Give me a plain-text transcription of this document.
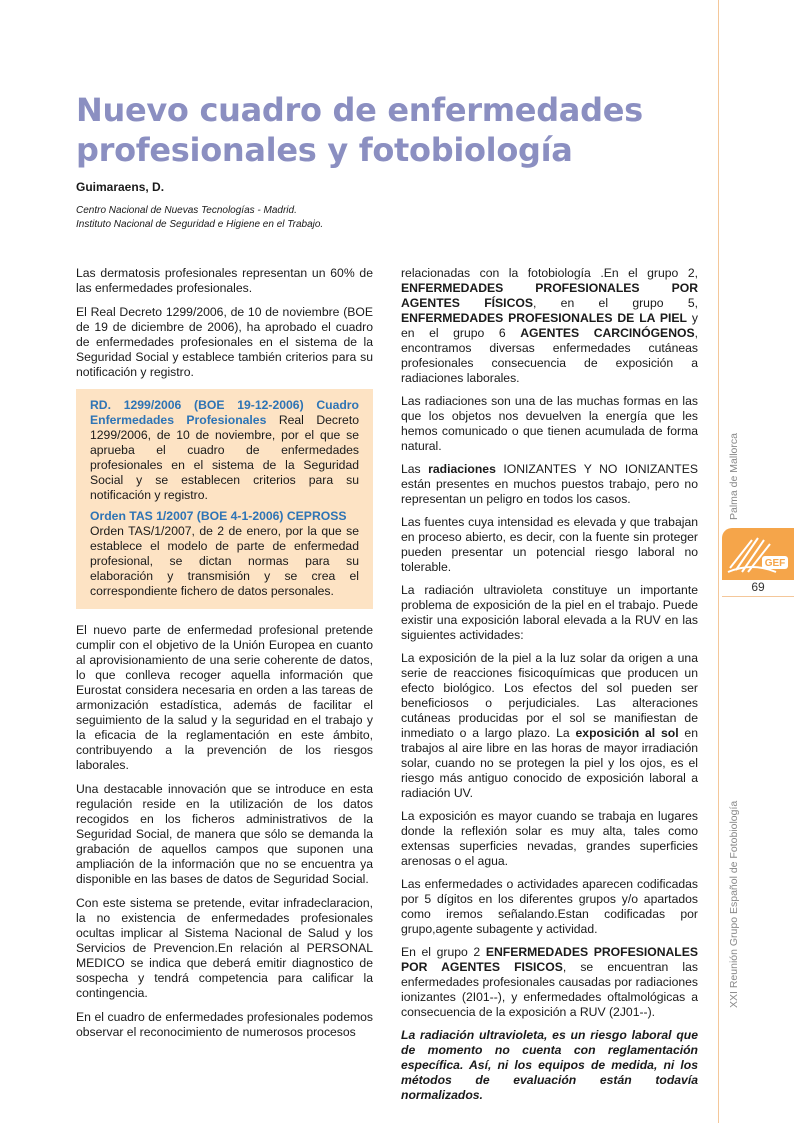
Nuevo cuadro de enfermedades profesionales y fotobiología

Guimaraens, D.

Centro Nacional de Nuevas Tecnologías - Madrid.
Instituto Nacional de Seguridad e Higiene en el Trabajo.

Las dermatosis profesionales representan un 60% de las enfermedades profesionales.

El Real Decreto 1299/2006, de 10 de noviembre (BOE de 19 de diciembre de 2006), ha aprobado el cuadro de enfermedades profesionales en el sistema de la Seguridad Social y establece también criterios para su notificación y registro.

RD. 1299/2006 (BOE 19-12-2006) Cuadro Enfermedades Profesionales Real Decreto 1299/2006, de 10 de noviembre, por el que se aprueba el cuadro de enfermedades profesionales en el sistema de la Seguridad Social y se establecen criterios para su notificación y registro.

Orden TAS 1/2007 (BOE 4-1-2006) CEPROSS
Orden TAS/1/2007, de 2 de enero, por la que se establece el modelo de parte de enfermedad profesional, se dictan normas para su elaboración y transmisión y se crea el correspondiente fichero de datos personales.

El nuevo parte de enfermedad profesional pretende cumplir con el objetivo de la Unión Europea en cuanto al aprovisionamiento de una serie coherente de datos, lo que conlleva recoger aquella información que Eurostat considera necesaria en orden a las tareas de armonización estadística, además de facilitar el seguimiento de la salud y la seguridad en el trabajo y la eficacia de la reglamentación en este ámbito, contribuyendo a la prevención de los riesgos laborales.

Una destacable innovación que se introduce en esta regulación reside en la utilización de los datos recogidos en los ficheros administrativos de la Seguridad Social, de manera que sólo se demanda la grabación de aquellos campos que suponen una ampliación de la información que no se encuentra ya disponible en las bases de datos de Seguridad Social.

Con este sistema se pretende, evitar infradeclaracion, la no existencia de enfermedades profesionales ocultas implicar al Sistema Nacional de Salud y los Servicios de Prevencion.En relación al PERSONAL MEDICO se indica que deberá emitir diagnostico de sospecha y tendrá competencia para calificar la contingencia.

En el cuadro de enfermedades profesionales podemos observar el reconocimiento de numerosos procesos

relacionadas con la fotobiología .En el grupo 2, ENFERMEDADES PROFESIONALES POR AGENTES FÍSICOS, en el grupo 5, ENFERMEDADES PROFESIONALES DE LA PIEL y en el grupo 6 AGENTES CARCINÓGENOS, encontramos diversas enfermedades cutáneas profesionales consecuencia de exposición a radiaciones laborales.

Las radiaciones son una de las muchas formas en las que los objetos nos devuelven la energía que les hemos comunicado o que tienen acumulada de forma natural.

Las radiaciones IONIZANTES Y NO IONIZANTES están presentes en muchos puestos trabajo, pero no representan un peligro en todos los casos.

Las fuentes cuya intensidad es elevada y que trabajan en proceso abierto, es decir, con la fuente sin proteger pueden presentar un potencial riesgo laboral no tolerable.

La radiación ultravioleta constituye un importante problema de exposición de la piel en el trabajo. Puede existir una exposición laboral elevada a la RUV en las siguientes actividades:

La exposición de la piel a la luz solar da origen a una serie de reacciones fisicoquímicas que producen un efecto biológico. Los efectos del sol pueden ser beneficiosos o perjudiciales. Las alteraciones cutáneas producidas por el sol se manifiestan de inmediato o a largo plazo. La exposición al sol en trabajos al aire libre en las horas de mayor irradiación solar, cuando no se protegen la piel y los ojos, es el riesgo más antiguo conocido de exposición laboral a radiación UV.

La exposición es mayor cuando se trabaja en lugares donde la reflexión solar es muy alta, tales como extensas superficies nevadas, grandes superficies arenosas o el agua.

Las enfermedades o actividades aparecen codificadas por 5 dígitos en los diferentes grupos y/o apartados como iremos señalando.Estan codificadas por grupo,agente subagente y actividad.

En el grupo 2 ENFERMEDADES PROFESIONALES POR AGENTES FISICOS, se encuentran las enfermedades profesionales causadas por radiaciones ionizantes (2I01--), y enfermedades oftalmológicas a consecuencia de la exposición a RUV (2J01--).

La radiación ultravioleta, es un riesgo laboral que de momento no cuenta con reglamentación específica. Así, ni los equipos de medida, ni los métodos de evaluación están todavía normalizados.

Palma de Mallorca
XXI Reunión Grupo Español de Fotobiología
GEF
69
